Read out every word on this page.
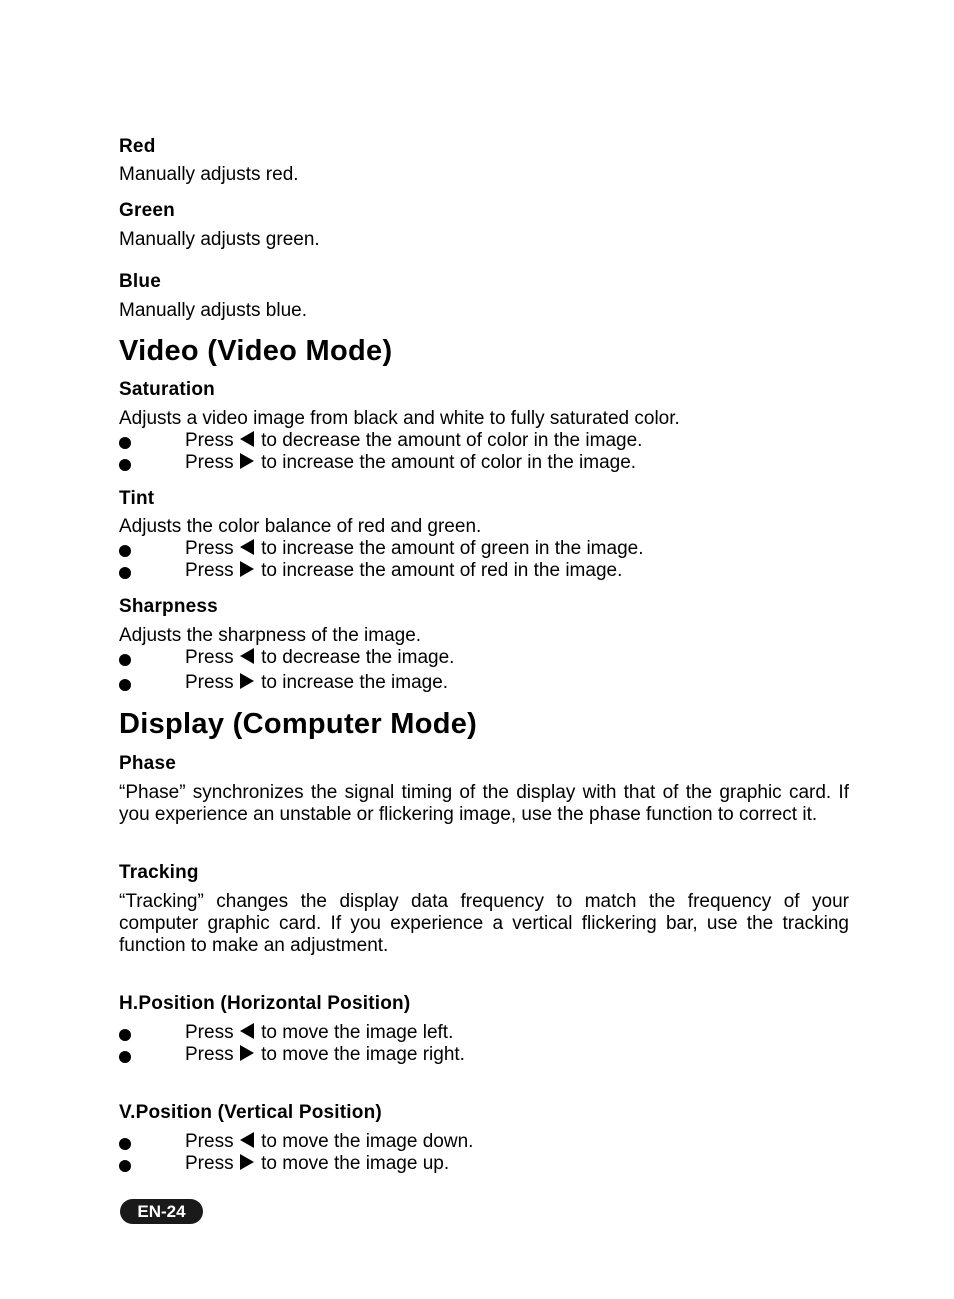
Red

Manually adjusts red.

Green

Manually adjusts green.

Blue

Manually adjusts blue.

Video (Video Mode)

Saturation

Adjusts a video image from black and white to fully saturated color.

Press to decrease the amount of color in the image.
Press to increase the amount of color in the image.

Tint

Adjusts the color balance of red and green.

Press to increase the amount of green in the image.
Press to increase the amount of red in the image.

Sharpness

Adjusts the sharpness of the image.

Press to decrease the image.
Press to increase the image.
Display (Computer Mode)

Phase

“Phase” synchronizes the signal timing of the display with that of the graphic card. If you experience an unstable or flickering image, use the phase function to correct it.

Tracking

“Tracking” changes the display data frequency to match the frequency of your computer graphic card. If you experience a vertical flickering bar, use the tracking function to make an adjustment.

H.Position (Horizontal Position)

Press to move the image left.
Press to move the image right.

V.Position (Vertical Position)

Press to move the image down.
Press to move the image up.
EN-24
